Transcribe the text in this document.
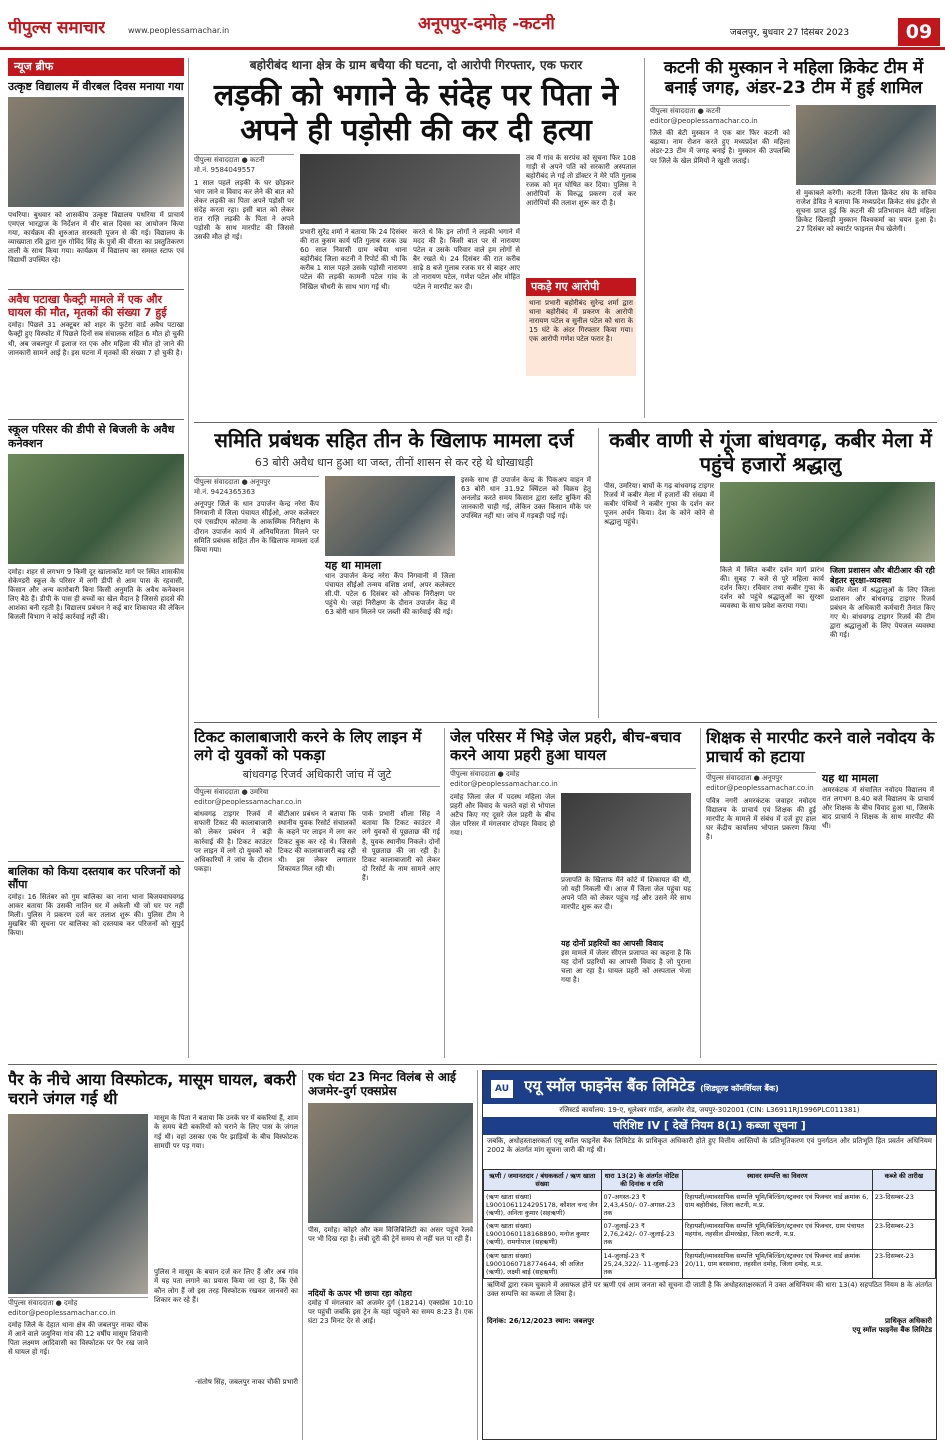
पीपुल्स समाचार	www.peoplessamachar.in	अनूपपुर-दमोह -कटनी	जबलपुर, बुधवार 27 दिसंबर 2023	09
न्यूज ब्रीफ
उत्कृष्ट विद्यालय में वीरबल दिवस मनाया गया
पथरिया। बुधवार को शासकीय उत्कृष्ट विद्यालय पथरिया में प्राचार्य एमएल भारद्वाज के निर्देशन में वीर बाल दिवस का आयोजन किया गया, कार्यक्रम की शुरुआत सरस्वती पूजन से की गई। विद्यालय के व्याख्याता रवि द्वारा गुरु गोविंद सिंह के पुत्रों की वीरता का प्रस्तुतिकरण ताली के साथ किया गया। कार्यक्रम में विद्यालय का समस्त स्टाफ एवं विद्यार्थी उपस्थित रहे।
अवैध पटाखा फैक्ट्री मामले में एक और घायल की मौत, मृतकों की संख्या 7 हुई
दमोह। पिछले 31 अक्टूबर को शहर के फुटेरा वार्ड अवैध पटाखा फैक्ट्री हुए विस्फोट में पिछले दिनों सब संचालक सहित 6 मौत हो चुकी थी, अब जबलपुर में इलाज रत एक और महिला की मौत हो जाने की जानकारी सामने आई है। इस घटना में मृतकों की संख्या 7 हो चुकी है।
स्कूल परिसर की डीपी से बिजली के अवैध कनेक्शन
दमोह। शहर से लगभग 9 किमी दूर खालाकोंट मार्ग पर स्थित शासकीय सेकेण्डरी स्कूल के परिसर में लगी डीपी से आम पास के रहवासी, किसान और अन्य कारोबारी बिना किसी अनुमति के अवैध कनेक्शन लिए बैठे हैं। डीपी के पास ही बच्चों का खेल मैदान है जिससे हादसे की आशंका बनी रहती है। विद्यालय प्रबंधन ने कई बार शिकायत की लेकिन बिजली विभाग ने कोई कार्रवाई नहीं की।
बालिका को किया दस्तयाब कर परिजनों को सौंपा
दमोह। 16 सितंबर को गुम बालिका का नाना थाना बिजयवाघवगढ़ आकर बताया कि उसकी नातिन घर में अकेली थी जो घर पर नहीं मिली। पुलिस ने प्रकरण दर्ज कर तलाश शुरू की। पुलिस टीम ने मुखबिर की सूचना पर बालिका को दस्तयाब कर परिजनों को सुपुर्द किया।
बहोरीबंद थाना क्षेत्र के ग्राम बचैया की घटना, दो आरोपी गिरफ्तार, एक फरार
लड़की को भगाने के संदेह पर पिता ने अपने ही पड़ोसी की कर दी हत्या
पीपुल्स संवाददाता ● कटनी
मो.नं. 9584049557
1 साल पहले लड़की के घर छोड़कर भाग जाने व विवाद कर लेने की बात को लेकर लड़की का पिता अपने पड़ोसी पर संदेह करता रहा। इसी बात को लेकर रात राज़ि लड़की के पिता ने अपने पड़ोसी के साथ मारपीट की जिससे उसकी मौत हो गई।
प्रभारी सुरेंद्र शर्मा ने बताया कि 24 दिसंबर की रात कुसम कार्य पति गुलाब रजक उम्र 60 साल निवासी ग्राम बचैया थाना बहोरीबंद जिला कटनी ने रिपोर्ट की थी कि करीब 1 साल पहले उसके पड़ोसी नारायण पटेल की लड़की कामनी पटेल गांव के निखिल चौधरी के साथ भाग गई थी।
करते थे कि इन लोगों ने लड़की भगाने में मदद की है। किसी बात पर से नारायण पटेल व उसके परिवार वाले हम लोगों से बैर रखते थे। 24 दिसंबर की रात करीब साढ़े 8 बजे गुलाब रजक घर से बाहर आए तो नारायण पटेल, गणेश पटेल और मोहित पटेल ने मारपीट कर दी।
तब मैं गांव के सरपंच को सूचना फिर 108 गाड़ी से अपने पति को सरकारी अस्पताल बहोरीबंद ले गई तो डॉक्टर ने मेरे पति गुलाब रजक को मृत घोषित कर दिया। पुलिस ने आरोपियों के विरुद्ध प्रकरण दर्ज कर आरोपियों की तलाश शुरू कर दी है।
पकड़े गए आरोपी
थाना प्रभारी बहोरीबंद सुरेन्द्र शर्मा द्वारा थाना बहोरीबंद में प्रकरण के आरोपी नारायण पटेल व सुनील पटेल को धारा के 15 घंटे के अंदर गिरफ्तार किया गया। एक आरोपी गणेश पटेल फरार है।
कटनी की मुस्कान ने महिला क्रिकेट टीम में बनाई जगह, अंडर-23 टीम में हुई शामिल
पीपुल्स संवाददाता ● कटनी
editor@peoplessamachar.co.in
जिले की बेटी मुस्कान ने एक बार फिर कटनी को बढ़ाया। नाम रोशन करते हुए मध्यप्रदेश की महिला अंडर-23 टीम में जगह बनाई है। मुस्कान की उपलब्धि पर जिले के खेल प्रेमियों ने खुशी जताई।
से मुकाबले करेगी। कटनी जिला क्रिकेट संघ के सचिव राजेश डेविड ने बताया कि मध्यप्रदेश क्रिकेट संघ इंदौर से सूचना प्राप्त हुई कि कटनी की प्रतिभावान बेटी महिला क्रिकेट खिलाड़ी मुस्कान विश्वकर्मा का चयन हुआ है। 27 दिसंबर को क्वार्टर फाइनल मैच खेलेगी।
समिति प्रबंधक सहित तीन के खिलाफ मामला दर्ज
63 बोरी अवैध धान हुआ था जब्त, तीनों शासन से कर रहे थे धोखाधड़ी
पीपुल्स संवाददाता ● अनूपपुर
मो.नं. 9424365363
अनूपपुर जिले के धान उपार्जन केन्द्र नरेरा कैंप निगवानी में जिला पंचायत सीईओ, अपर कलेक्टर एवं एसडीएम कोतमा के आकस्मिक निरीक्षण के दौरान उपार्जन कार्य में अनियमितता मिलने पर समिति प्रबंधक सहित तीन के खिलाफ मामला दर्ज किया गया।
यह था मामला
धान उपार्जन केन्द्र नरेरा कैंप निगवानी में जिला पंचायत सीईओ तन्मय वशिष्ठ शर्मा, अपर कलेक्टर सी.पी. पटेल 6 दिसंबर को औचक निरीक्षण पर पहुंचे थे। जहां निरीक्षण के दौरान उपार्जन केंद्र में 63 बोरी धान मिलने पर जब्ती की कार्रवाई की गई।
इसके साथ ही उपार्जन केन्द्र के पिकअप वाहन में 63 बोरी धान 31.92 क्विंटल को विक्रय हेतु अनलोड करते समय किसान द्वारा स्लॉट बुकिंग की जानकारी चाही गई, लेकिन उक्त किसान मौके पर उपस्थित नहीं था। जांच में गड़बड़ी पाई गई।
कबीर वाणी से गूंजा बांधवगढ़, कबीर मेला में पहुंचे हजारों श्रद्धालु
पीस, उमरिया। बाघों के गढ़ बांधवगढ़ टाइगर रिजर्व में कबीर मेला में हजारों की संख्या में कबीर पंथियों ने कबीर गुफा के दर्शन कर पूजन अर्चन किया। देश के कोने कोने से श्रद्धालु पहुंचे।
किले में स्थित कबीर दर्शन मार्ग प्रारंभ की। सुबह 7 बजे से पूरे महिला कार्य दर्शन किए। रविवार तथा कबीर गुफा के दर्शन को पहुंचे श्रद्धालुओं का सुरक्षा व्यवस्था के साथ प्रवेश कराया गया।
जिला प्रशासन और बीटीआर की रही बेहतर सुरक्षा-व्यवस्था
कबीर मेला में श्रद्धालुओं के लिए जिला प्रशासन और बांधवगढ़ टाइगर रिजर्व प्रबंधन के अधिकारी कर्मचारी तैनात किए गए थे। बांधवगढ़ टाइगर रिजर्व की टीम द्वारा श्रद्धालुओं के लिए पेयजल व्यवस्था की गई।
टिकट कालाबाजारी करने के लिए लाइन में लगे दो युवकों को पकड़ा
बांधवगढ़ रिजर्व अधिकारी जांच में जुटे
पीपुल्स संवाददाता ● उमरिया
editor@peoplessamachar.co.in
बांधवगढ़ टाइगर रिजर्व में सफारी टिकट की कालाबाजारी को लेकर प्रबंधन ने बड़ी कार्रवाई की है। टिकट काउंटर पर लाइन में लगे दो युवकों को अधिकारियों ने जांच के दौरान पकड़ा।
बीटीआर प्रबंधन ने बताया कि स्थानीय युवक रिसोर्ट संचालकों के कहने पर लाइन में लग कर टिकट बुक कर रहे थे। जिससे टिकट की कालाबाजारी बढ़ रही थी। इस लेकर लगातार शिकायत मिल रही थी।
पार्क प्रभारी शीला सिंह ने बताया कि टिकट काउंटर में लगे युवकों से पूछताछ की गई है, युवक स्थानीय निकले। दोनों से पूछताछ की जा रही है। टिकट कालाबाजारी को लेकर दो रिसोर्ट के नाम सामने आए हैं।
जेल परिसर में भिड़े जेल प्रहरी, बीच-बचाव करने आया प्रहरी हुआ घायल
पीपुल्स संवाददाता ● दमोह
editor@peoplessamachar.co.in
दमोह जिला जेल में पदस्थ महिला जेल प्रहरी और विवाद के चलते वहां से भोपाल अटैच किए गए दूसरे जेल प्रहरी के बीच जेल परिसर में मंगलवार दोपहर विवाद हो गया।
प्रजापति के खिलाफ मैंने कोर्ट में शिकायत की थी, जो यही निकली थी। आज मैं जिला जेल पहुंचा यह अपने पति को लेकर पहुंच गई और उसने मेरे साथ मारपीट शुरू कर दी।
यह दोनों प्रहरियों का आपसी विवाद
इस मामले में जेलर सीएल प्रजापत का कहना है कि यह दोनों प्रहरियों का आपसी विवाद है जो पुराना चला आ रहा है। घायल प्रहरी को अस्पताल भेजा गया है।
शिक्षक से मारपीट करने वाले नवोदय के प्राचार्य को हटाया
पीपुल्स संवाददाता ● अनूपपुर
editor@peoplessamachar.co.in
पवित्र नगरी अमरकंटक जवाहर नवोदय विद्यालय के प्राचार्य एवं शिक्षक की हुई मारपीट के मामले में संबंध में दर्ज हुए हाल घर केंद्रीय कार्यालय भोपाल प्रकरण किया है।
यह था मामला
अमरकंटक में संचालित नवोदय विद्यालय में रात लगभग 8.40 बजे विद्यालय के प्राचार्य और शिक्षक के बीच विवाद हुआ था, जिसके बाद प्राचार्य ने शिक्षक के साथ मारपीट की थी।
पैर के नीचे आया विस्फोटक, मासूम घायल, बकरी चराने जंगल गई थी
पीपुल्स संवाददाता ● दमोह
editor@peoplessamachar.co.in
दमोह जिले के देहात थाना क्षेत्र की जबलपुर नाका चौक में आने वाले जयुनिया गांव की 12 वर्षीय मासूम शिवानी पिता लक्ष्मण आदिवासी का विस्फोटक पर पैर रख जाने से घायल हो गई।
मासूम के पिता ने बताया कि उनके घर में बकरियां हैं, शाम के समय बेटी बकरियों को चराने के लिए पास के जंगल गई थी। वहां उसका एक पैर झाड़ियों के बीच विस्फोटक सामग्री पर पड़ गया।
पुलिस ने मासूम के बयान दर्ज कर लिए हैं और अब गांव में यह पता लगाने का प्रयास किया जा रहा है, कि ऐसे कौन लोग हैं जो इस तरह विस्फोटक रखकर जानवरों का शिकार कर रहे हैं।
-संतोष सिंह, जबलपुर नाका चौकी प्रभारी
एक घंटा 23 मिनट विलंब से आई अजमेर-दुर्ग एक्सप्रेस
पीस, दमोह। कोहरे और कम विजिबिलिटी का असर पहुंचे रेलवे पर भी दिख रहा है। लंबी दूरी की ट्रेनें समय से नहीं चल पा रही हैं।
नदियों के ऊपर भी छाया रहा कोहरा
दमोह में मंगलवार को अजमेर दुर्ग (18214) एक्सप्रेस 10:10 पर पहुंची जबकि इस ट्रेन के यहां पहुंचने का समय 8:23 है। एक घंटा 23 मिनट देर से आई।
AU एयू स्मॉल फाइनेंस बैंक लिमिटेड (शिड्यूल्ड कॉमर्शियल बैंक)
रजिस्टर्ड कार्यालय: 19-ए, धूलेश्वर गार्डन, अजमेर रोड, जयपुर-302001 (CIN: L36911RJ1996PLC011381)
परिशिष्ट IV [ देखें नियम 8(1) कब्जा सूचना ]
जबकि, अधोहस्ताक्षरकर्ता एयू स्मॉल फाइनेंस बैंक लिमिटेड के प्राधिकृत अधिकारी होते हुए वित्तीय आस्तियों के प्रतिभूतिकरण एवं पुनर्गठन और प्रतिभूति हित प्रवर्तन अधिनियम 2002 के अंतर्गत मांग सूचना जारी की गई थी।
ऋणी / जमानतदार / बंधककर्ता / ऋण खाता संख्या	धारा 13(2) के अंतर्गत नोटिस की दिनांक व राशि	स्थावर सम्पत्ति का विवरण	कब्जे की तारीख
(ऋण खाता संख्या) L9001061124295178, कौशल चन्द जैन (ऋणी), अनिता कुमार (सहऋणी)	07-अगस्त-23 ₹ 2,43,450/- 07-अगस्त-23 तक	रिहायशी/व्यावसायिक सम्पत्ति भूमि/बिल्डिंग/स्ट्रक्चर एवं फिक्चर वार्ड क्रमांक 6, ग्राम बहोरीबंद, जिला कटनी, म.प्र.	23-दिसम्बर-23
(ऋण खाता संख्या) L9001060118168890, मनोज कुमार (ऋणी), रामगोपाल (सहऋणी)	07-जुलाई-23 ₹ 2,76,242/- 07-जुलाई-23 तक	रिहायशी/व्यावसायिक सम्पत्ति भूमि/बिल्डिंग/स्ट्रक्चर एवं फिक्चर, ग्राम पंचायत महगांव, तहसील ढीमरखेड़ा, जिला कटनी, म.प्र.	23-दिसम्बर-23
(ऋण खाता संख्या) L9001060718774644, श्री अजित (ऋणी), लक्ष्मी बाई (सहऋणी)	14-जुलाई-23 ₹ 25,24,322/- 11-जुलाई-23 तक	रिहायशी/व्यावसायिक सम्पत्ति भूमि/बिल्डिंग/स्ट्रक्चर एवं फिक्चर वार्ड क्रमांक 20/11, ग्राम बरसवारा, तहसील दमोह, जिला दमोह, म.प्र.	23-दिसम्बर-23
ऋणियों द्वारा रकम चुकाने में असफल होने पर ऋणी एवं आम जनता को सूचना दी जाती है कि अधोहस्ताक्षरकर्ता ने उक्त अधिनियम की धारा 13(4) सहपठित नियम 8 के अंतर्गत उक्त सम्पत्ति का कब्जा ले लिया है।
दिनांक: 26/12/2023 स्थान: जबलपुर	प्राधिकृत अधिकारी
एयू स्मॉल फाइनेंस बैंक लिमिटेड
